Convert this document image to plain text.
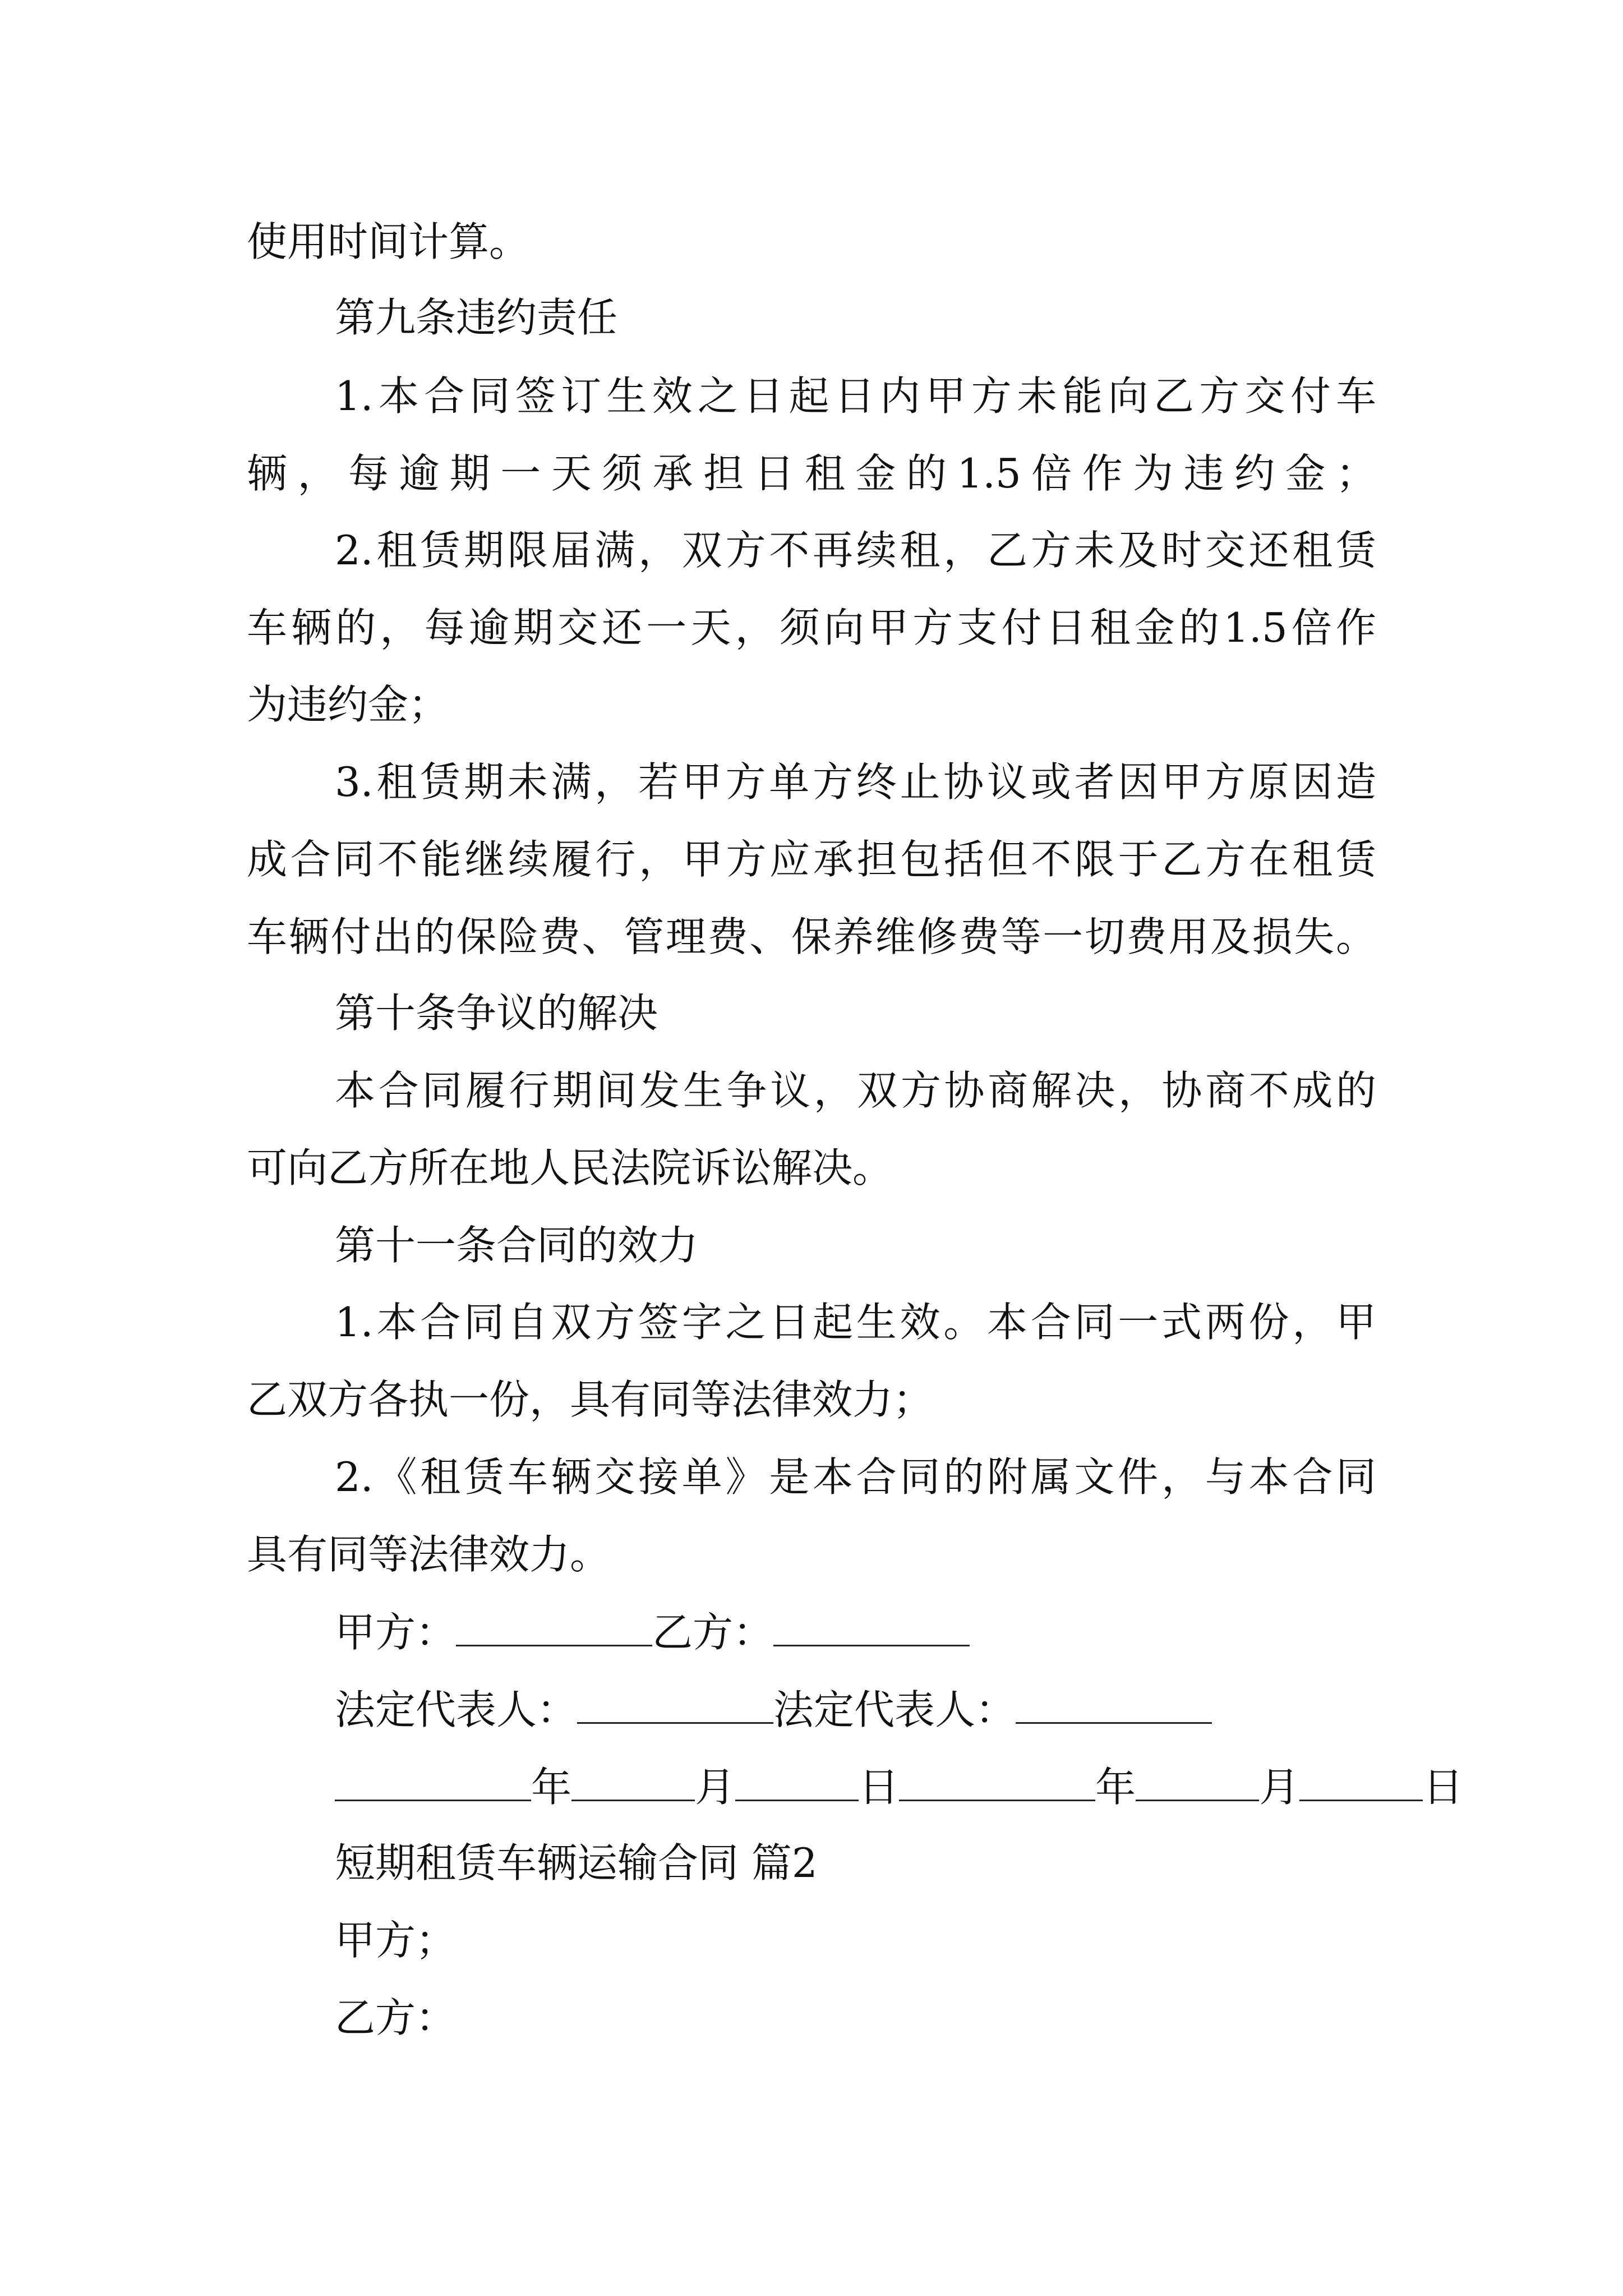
使用时间计算。
第九条违约责任
1.本合同签订生效之日起日内甲方未能向乙方交付车
辆，每逾期一天须承担日租金的1.5倍作为违约金；
2.租赁期限届满，双方不再续租，乙方未及时交还租赁
车辆的，每逾期交还一天，须向甲方支付日租金的1.5倍作
为违约金；
3.租赁期未满，若甲方单方终止协议或者因甲方原因造
成合同不能继续履行，甲方应承担包括但不限于乙方在租赁
车辆付出的保险费、管理费、保养维修费等一切费用及损失。
第十条争议的解决
本合同履行期间发生争议，双方协商解决，协商不成的
可向乙方所在地人民法院诉讼解决。
第十一条合同的效力
1.本合同自双方签字之日起生效。本合同一式两份，甲
乙双方各执一份，具有同等法律效力；
2.《租赁车辆交接单》是本合同的附属文件，与本合同
具有同等法律效力。
甲方：	乙方：
法定代表人：	法定代表人：
年	月	日	年	月	日
短期租赁车辆运输合同 篇2
甲方；
乙方：
